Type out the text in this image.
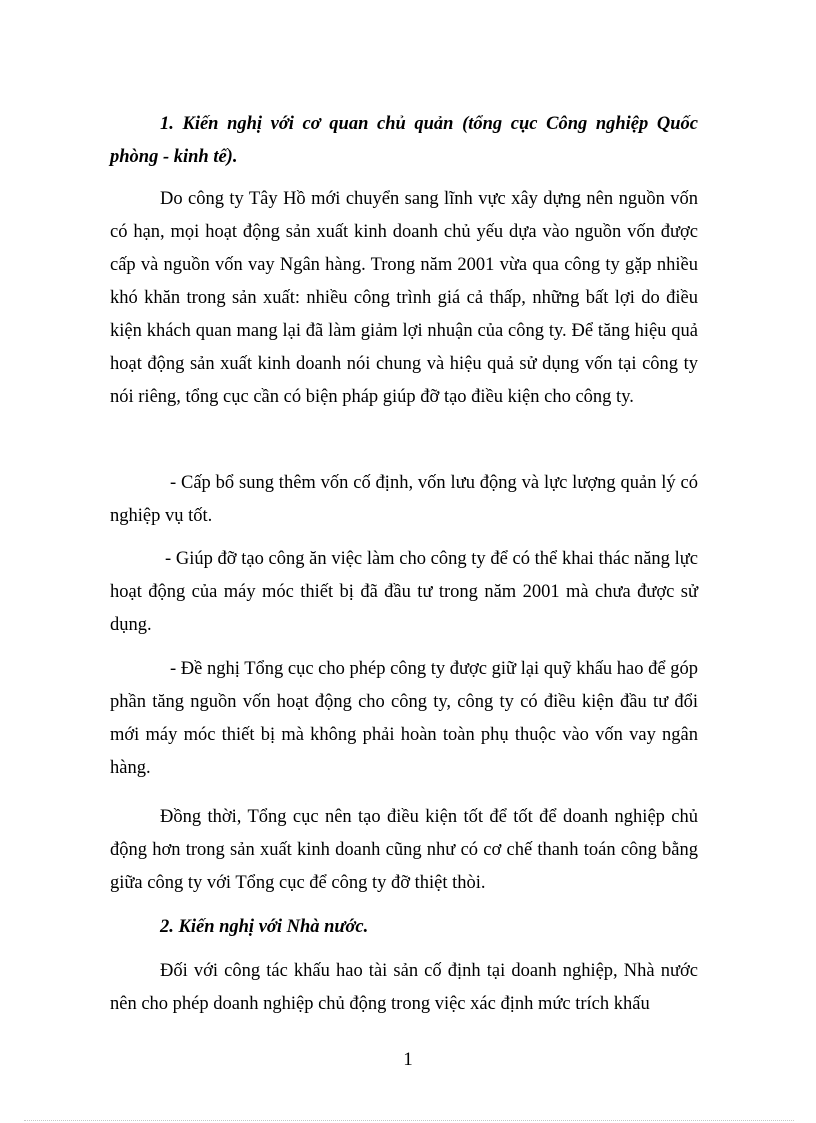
1. Kiến nghị với cơ quan chủ quản (tổng cục Công nghiệp Quốc phòng - kinh tế).
Do công ty Tây Hồ mới chuyển sang lĩnh vực xây dựng nên nguồn vốn có hạn, mọi hoạt động sản xuất kinh doanh chủ yếu dựa vào nguồn vốn được cấp và nguồn vốn vay Ngân hàng. Trong năm 2001 vừa qua công ty gặp nhiều khó khăn trong sản xuất: nhiều công trình giá cả thấp, những bất lợi do điều kiện khách quan mang lại đã làm giảm lợi nhuận của công ty. Để tăng hiệu quả hoạt động sản xuất kinh doanh nói chung và hiệu quả sử dụng vốn tại công ty nói riêng, tổng cục cần có biện pháp giúp đỡ tạo điều kiện cho công ty.
- Cấp bổ sung thêm vốn cố định, vốn lưu động và lực lượng quản lý có nghiệp vụ tốt.
- Giúp đỡ tạo công ăn việc làm cho công ty để có thể khai thác năng lực hoạt động của máy móc thiết bị đã đầu tư trong năm 2001 mà chưa được sử dụng.
- Đề nghị Tổng cục cho phép công ty được giữ lại quỹ khấu hao để góp phần tăng nguồn vốn hoạt động cho công ty, công ty có điều kiện đầu tư đổi mới máy móc thiết bị mà không phải hoàn toàn phụ thuộc vào vốn vay ngân hàng.
Đồng thời, Tổng cục nên tạo điều kiện tốt để tốt để doanh nghiệp chủ động hơn trong sản xuất kinh doanh cũng như có cơ chế thanh toán công bằng giữa công ty với Tổng cục để công ty đỡ thiệt thòi.
2. Kiến nghị với Nhà nước.
Đối với công tác khấu hao tài sản cố định tại doanh nghiệp, Nhà nước nên cho phép doanh nghiệp chủ động trong việc xác định mức trích khấu
1
